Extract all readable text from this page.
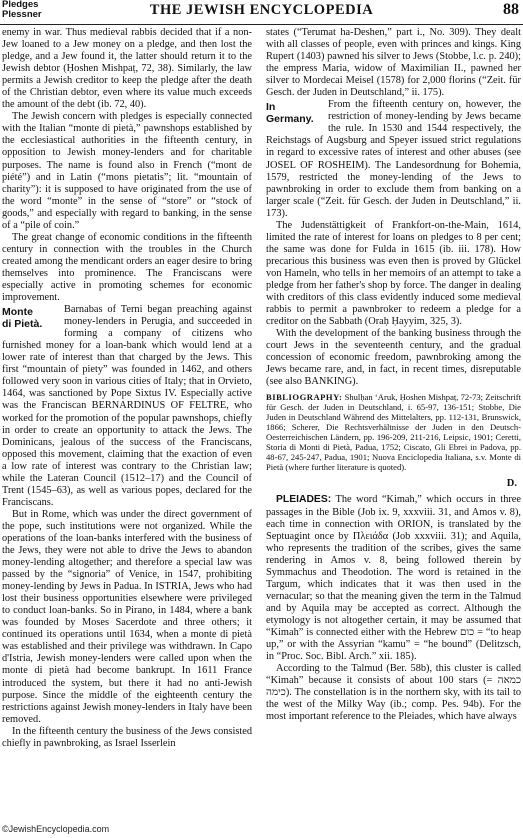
Pledges
Plessner	THE JEWISH ENCYCLOPEDIA	88

enemy in war. Thus medieval rabbis decided that if a non-Jew loaned to a Jew money on a pledge, and then lost the pledge, and a Jew found it, the latter should return it to the Jewish debtor (Ḥoshen Mishpaṭ, 72, 38). Similarly, the law permits a Jewish creditor to keep the pledge after the death of the Christian debtor, even where its value much exceeds the amount of the debt (ib. 72, 40).

The Jewish concern with pledges is especially connected with the Italian “monte di pietà,” pawnshops established by the ecclesiastical authorities in the fifteenth century, in opposition to Jewish money-lenders and for charitable purposes. The name is found also in French (“mont de piété”) and in Latin (“mons pietatis”; lit. “mountain of charity”): it is supposed to have originated from the use of the word “monte” in the sense of “store” or “stock of goods,” and especially with regard to banking, in the sense of a “pile of coin.”

The great change of economic conditions in the fifteenth century in connection with the troubles in the Church created among the mendicant orders an eager desire to bring themselves into prominence. The Franciscans were especially active in promoting schemes for economic improvement.

Monte
di Pietà.
Barnabas of Terni began preaching against money-lenders in Perugia, and succeeded in forming a company of citizens who furnished money for a loan-bank which would lend at a lower rate of interest than that charged by the Jews. This first “mountain of piety” was founded in 1462, and others followed very soon in various cities of Italy; that in Orvieto, 1464, was sanctioned by Pope Sixtus IV. Especially active was the Franciscan BERNARDINUS OF FELTRE, who worked for the promotion of the popular pawnshops, chiefly in order to create an opportunity to attack the Jews. The Dominicans, jealous of the success of the Franciscans, opposed this movement, claiming that the exaction of even a low rate of interest was contrary to the Christian law; while the Lateran Council (1512–17) and the Council of Trent (1545–63), as well as various popes, declared for the Franciscans.

But in Rome, which was under the direct government of the pope, such institutions were not organized. While the operations of the loan-banks interfered with the business of the Jews, they were not able to drive the Jews to abandon money-lending altogether; and therefore a special law was passed by the “signoria” of Venice, in 1547, prohibiting money-lending by Jews in Padua. In ISTRIA, Jews who had lost their business opportunities elsewhere were privileged to conduct loan-banks. So in Pirano, in 1484, where a bank was founded by Moses Sacerdote and three others; it continued its operations until 1634, when a monte di pietà was established and their privilege was withdrawn. In Capo d'Istria, Jewish money-lenders were called upon when the monte di pietà had become bankrupt. In 1611 France introduced the system, but there it had no anti-Jewish purpose. Since the middle of the eighteenth century the restrictions against Jewish money-lenders in Italy have been removed.

In the fifteenth century the business of the Jews consisted chiefly in pawnbroking, as Israel Isserlein

states (“Terumat ha-Deshen,” part i., No. 309). They dealt with all classes of people, even with princes and kings. King Rupert (1403) pawned his silver to Jews (Stobbe, l.c. p. 240); the empress Maria, widow of Maximilian II., pawned her silver to Mordecai Meisel (1578) for 2,000 florins (“Zeit. für Gesch. der Juden in Deutschland,” ii. 175).

In
Germany.
From the fifteenth century on, however, the restriction of money-lending by Jews became the rule. In 1530 and 1544 respectively, the Reichstags of Augsburg and Speyer issued strict regulations in regard to excessive rates of interest and other abuses (see JOSEL OF ROSHEIM). The Landesordnung for Bohemia, 1579, restricted the money-lending of the Jews to pawnbroking in order to exclude them from banking on a larger scale (“Zeit. für Gesch. der Juden in Deutschland,” ii. 173).

The Judenstättigkeit of Frankfort-on-the-Main, 1614, limited the rate of interest for loans on pledges to 8 per cent; the same was done for Fulda in 1615 (ib. iii. 178). How precarious this business was even then is proved by Glückel von Hameln, who tells in her memoirs of an attempt to take a pledge from her father's shop by force. The danger in dealing with creditors of this class evidently induced some medieval rabbis to permit a pawnbroker to redeem a pledge for a creditor on the Sabbath (Oraḥ Ḥayyim, 325, 3).

With the development of the banking business through the court Jews in the seventeenth century, and the gradual concession of economic freedom, pawnbroking among the Jews became rare, and, in fact, in recent times, disreputable (see also BANKING).

BIBLIOGRAPHY: Shulḥan ‘Aruk, Ḥoshen Mishpaṭ, 72-73; Zeitschrift für Gesch. der Juden in Deutschland, i. 65-97, 136-151; Stobbe, Die Juden in Deutschland Während des Mittelalters, pp. 112-131, Brunswick, 1866; Scherer, Die Rechtsverhältnisse der Juden in den Deutsch-Oesterreichischen Ländern, pp. 196-209, 211-216, Leipsic, 1901; Ceretti, Storia di Monti di Pietà, Padua, 1752; Ciscato, Gli Ebrei in Padova, pp. 48-67, 245-247, Padua, 1901; Nuova Enciclopedia Italiana, s.v. Monte di Pietà (where further literature is quoted).

D.

PLEIADES: The word “Kimah,” which occurs in three passages in the Bible (Job ix. 9, xxxviii. 31, and Amos v. 8), each time in connection with ORION, is translated by the Septuagint once by Πλειάδα (Job xxxviii. 31); and Aquila, who represents the tradition of the scribes, gives the same rendering in Amos v. 8, being followed therein by Symmachus and Theodotion. The word is retained in the Targum, which indicates that it was then used in the vernacular; so that the meaning given the term in the Talmud and by Aquila may be accepted as correct. Although the etymology is not altogether certain, it may be assumed that “Kimah” is connected either with the Hebrew כום = “to heap up,” or with the Assyrian “kamu” = “he bound” (Delitzsch, in “Proc. Soc. Bibl. Arch.” xii. 185).

According to the Talmud (Ber. 58b), this cluster is called “Kimah” because it consists of about 100 stars (כמאה = כימה). The constellation is in the northern sky, with its tail to the west of the Milky Way (ib.; comp. Pes. 94b). For the most important reference to the Pleiades, which have always

©JewishEncyclopedia.com
